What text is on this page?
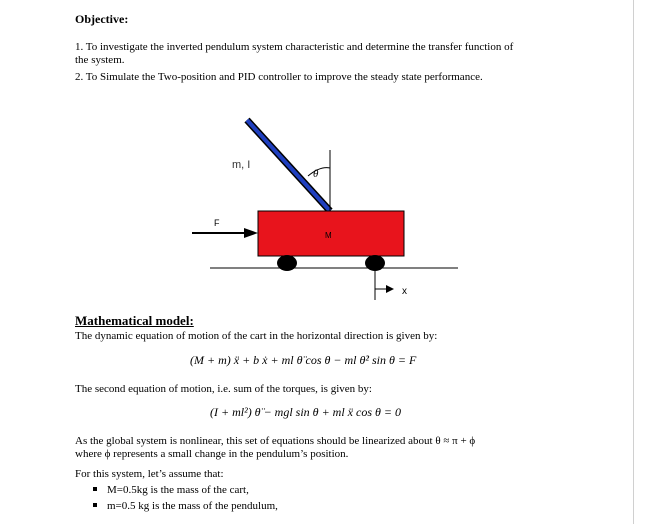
Objective:
1. To investigate the inverted pendulum system characteristic and determine the transfer function of
the system.
2. To Simulate the Two-position and PID controller to improve the steady state performance.
θ
m, I
M
F
x
Mathematical model:
The dynamic equation of motion of the cart in the horizontal direction is given by:
(M + m) ẍ + b ẋ + ml θ̈ cos θ − ml θ̇² sin θ = F
The second equation of motion, i.e. sum of the torques, is given by:
(I + ml²) θ̈ − mgl sin θ + ml ẍ cos θ = 0
As the global system is nonlinear, this set of equations should be linearized about θ ≈ π + ϕ
where ϕ represents a small change in the pendulum’s position.
For this system, let’s assume that:
M=0.5kg is the mass of the cart,
m=0.5 kg is the mass of the pendulum,
